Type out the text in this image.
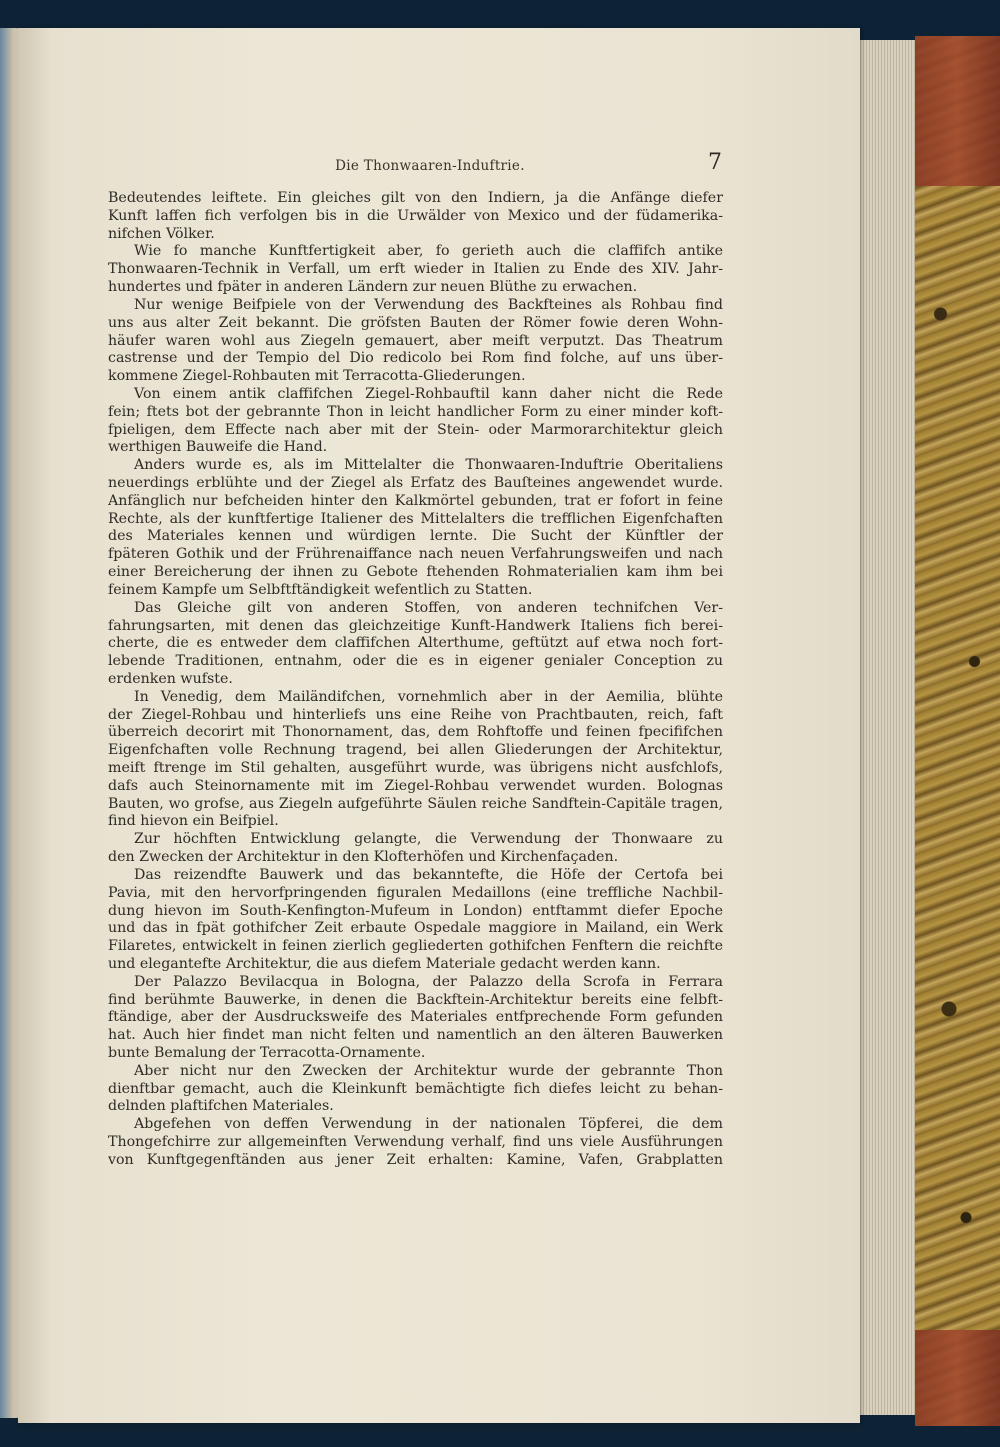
Die Thonwaaren-Induftrie.	7
Bedeutendes leiftete. Ein gleiches gilt von den Indiern, ja die Anfänge diefer
Kunft laffen fich verfolgen bis in die Urwälder von Mexico und der füdamerika-
nifchen Völker.
Wie fo manche Kunftfertigkeit aber, fo gerieth auch die claffifch antike
Thonwaaren-Technik in Verfall, um erft wieder in Italien zu Ende des XIV. Jahr-
hundertes und fpäter in anderen Ländern zur neuen Blüthe zu erwachen.
Nur wenige Beifpiele von der Verwendung des Backfteines als Rohbau find
uns aus alter Zeit bekannt. Die gröfsten Bauten der Römer fowie deren Wohn-
häufer waren wohl aus Ziegeln gemauert, aber meift verputzt. Das Theatrum
castrense und der Tempio del Dio redicolo bei Rom find folche, auf uns über-
kommene Ziegel-Rohbauten mit Terracotta-Gliederungen.
Von einem antik claffifchen Ziegel-Rohbauftil kann daher nicht die Rede
fein; ftets bot der gebrannte Thon in leicht handlicher Form zu einer minder koft-
fpieligen, dem Effecte nach aber mit der Stein- oder Marmorarchitektur gleich
werthigen Bauweife die Hand.
Anders wurde es, als im Mittelalter die Thonwaaren-Induftrie Oberitaliens
neuerdings erblühte und der Ziegel als Erfatz des Bauſteines angewendet wurde.
Anfänglich nur befcheiden hinter den Kalkmörtel gebunden, trat er fofort in feine
Rechte, als der kunftfertige Italiener des Mittelalters die trefflichen Eigenfchaften
des Materiales kennen und würdigen lernte. Die Sucht der Künftler der
fpäteren Gothik und der Frührenaiffance nach neuen Verfahrungsweifen und nach
einer Bereicherung der ihnen zu Gebote ftehenden Rohmaterialien kam ihm bei
feinem Kampfe um Selbftftändigkeit wefentlich zu Statten.
Das Gleiche gilt von anderen Stoffen, von anderen technifchen Ver-
fahrungsarten, mit denen das gleichzeitige Kunft-Handwerk Italiens fich berei-
cherte, die es entweder dem claffifchen Alterthume, geftützt auf etwa noch fort-
lebende Traditionen, entnahm, oder die es in eigener genialer Conception zu
erdenken wufste.
In Venedig, dem Mailändifchen, vornehmlich aber in der Aemilia, blühte
der Ziegel-Rohbau und hinterliefs uns eine Reihe von Prachtbauten, reich, faft
überreich decorirt mit Thonornament, das, dem Rohftoffe und feinen fpecififchen
Eigenfchaften volle Rechnung tragend, bei allen Gliederungen der Architektur,
meift ftrenge im Stil gehalten, ausgeführt wurde, was übrigens nicht ausfchlofs,
dafs auch Steinornamente mit im Ziegel-Rohbau verwendet wurden. Bolognas
Bauten, wo grofse, aus Ziegeln aufgeführte Säulen reiche Sandftein-Capitäle tragen,
find hievon ein Beifpiel.
Zur höchften Entwicklung gelangte, die Verwendung der Thonwaare zu
den Zwecken der Architektur in den Klofterhöfen und Kirchenfaçaden.
Das reizendfte Bauwerk und das bekanntefte, die Höfe der Certofa bei
Pavia, mit den hervorfpringenden figuralen Medaillons (eine treffliche Nachbil-
dung hievon im South-Kenfington-Mufeum in London) entftammt diefer Epoche
und das in fpät gothifcher Zeit erbaute Ospedale maggiore in Mailand, ein Werk
Filaretes, entwickelt in feinen zierlich gegliederten gothifchen Fenftern die reichfte
und elegantefte Architektur, die aus diefem Materiale gedacht werden kann.
Der Palazzo Bevilacqua in Bologna, der Palazzo della Scrofa in Ferrara
find berühmte Bauwerke, in denen die Backftein-Architektur bereits eine felbft-
ftändige, aber der Ausdrucksweife des Materiales entfprechende Form gefunden
hat. Auch hier findet man nicht felten und namentlich an den älteren Bauwerken
bunte Bemalung der Terracotta-Ornamente.
Aber nicht nur den Zwecken der Architektur wurde der gebrannte Thon
dienftbar gemacht, auch die Kleinkunft bemächtigte fich diefes leicht zu behan-
delnden plaftifchen Materiales.
Abgefehen von deffen Verwendung in der nationalen Töpferei, die dem
Thongefchirre zur allgemeinften Verwendung verhalf, find uns viele Ausführungen
von Kunftgegenftänden aus jener Zeit erhalten: Kamine, Vafen, Grabplatten
